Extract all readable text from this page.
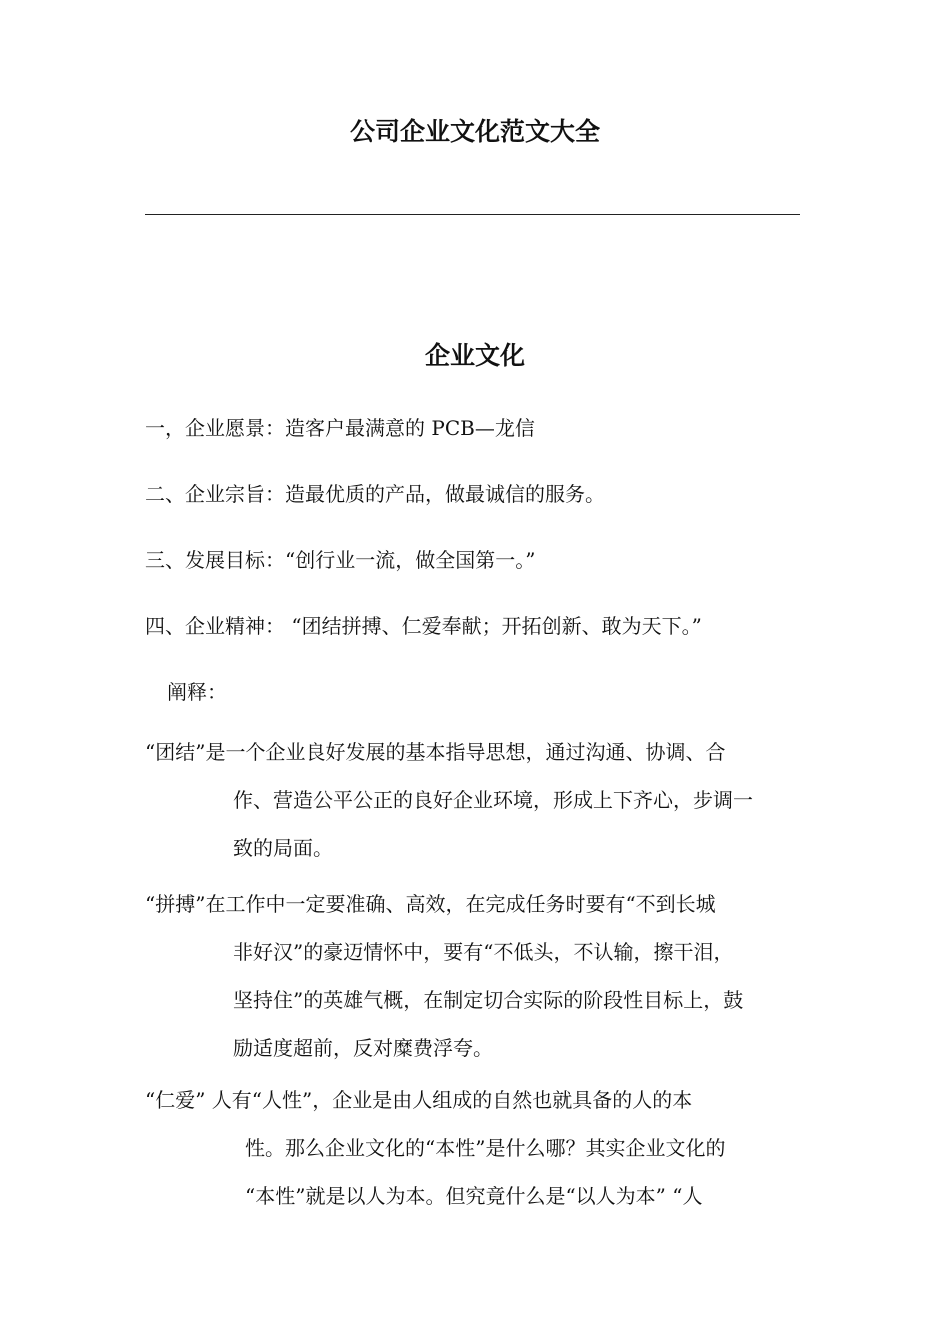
公司企业文化范文大全
企业文化
一，企业愿景：造客户最满意的 PCB—龙信
二、企业宗旨：造最优质的产品，做最诚信的服务。
三、发展目标：“创行业一流，做全国第一。”
四、企业精神： “团结拼搏、仁爱奉献；开拓创新、敢为天下。”
阐释：
“团结”是一个企业良好发展的基本指导思想，通过沟通、协调、合
作、营造公平公正的良好企业环境，形成上下齐心，步调一
致的局面。
“拼搏”在工作中一定要准确、高效，在完成任务时要有“不到长城
非好汉”的豪迈情怀中，要有“不低头，不认输，擦干泪，
坚持住”的英雄气概，在制定切合实际的阶段性目标上，鼓
励适度超前，反对糜费浮夸。
“仁爱” 人有“人性”，企业是由人组成的自然也就具备的人的本
性。那么企业文化的“本性”是什么哪？其实企业文化的
“本性”就是以人为本。但究竟什么是“以人为本” “人
